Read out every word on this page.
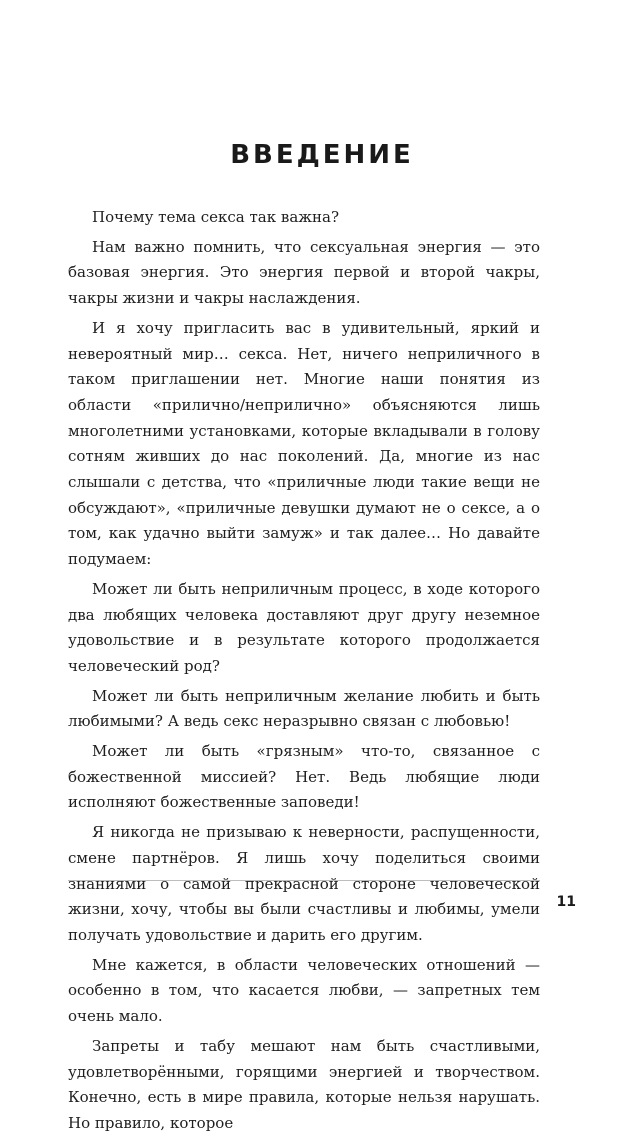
ВВЕДЕНИЕ

Почему тема секса так важна?

Нам важно помнить, что сексуальная энергия — это базовая энергия. Это энергия первой и второй чакры, чакры жизни и чакры наслаждения.

И я хочу пригласить вас в удивительный, яркий и невероятный мир… секса. Нет, ничего неприличного в таком приглашении нет. Многие наши понятия из области «прилично/неприлично» объясняются лишь многолетними установками, которые вкладывали в голову сотням живших до нас поколений. Да, многие из нас слышали с детства, что «приличные люди такие вещи не обсуждают», «приличные девушки думают не о сексе, а о том, как удачно выйти замуж» и так далее… Но давайте подумаем:

Может ли быть неприличным процесс, в ходе которого два любящих человека доставляют друг другу неземное удовольствие и в результате которого продолжается человеческий род?

Может ли быть неприличным желание любить и быть любимыми? А ведь секс неразрывно связан с любовью!

Может ли быть «грязным» что-то, связанное с божественной миссией? Нет. Ведь любящие люди исполняют божественные заповеди!

Я никогда не призываю к неверности, распущенности, смене партнёров. Я лишь хочу поделиться своими знаниями о самой прекрасной стороне человеческой жизни, хочу, чтобы вы были счастливы и любимы, умели получать удовольствие и дарить его другим.

Мне кажется, в области человеческих отношений — особенно в том, что касается любви, — запретных тем очень мало.

Запреты и табу мешают нам быть счастливыми, удовлетворёнными, горящими энергией и творчеством. Конечно, есть в мире правила, которые нельзя нарушать. Но правило, которое

11
